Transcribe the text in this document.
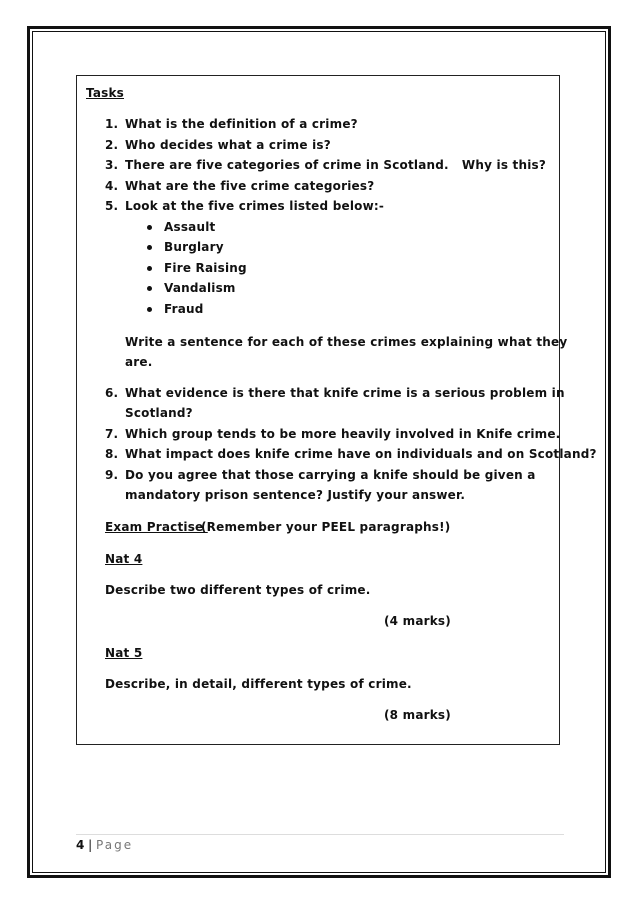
Tasks
1. What is the definition of a crime?
2. Who decides what a crime is?
3. There are five categories of crime in Scotland.   Why is this?
4. What are the five crime categories?
5. Look at the five crimes listed below:-
Assault
Burglary
Fire Raising
Vandalism
Fraud
Write a sentence for each of these crimes explaining what they
are.
6. What evidence is there that knife crime is a serious problem in
Scotland?
7. Which group tends to be more heavily involved in Knife crime.
8. What impact does knife crime have on individuals and on Scotland?
9. Do you agree that those carrying a knife should be given a
mandatory prison sentence? Justify your answer.
Exam Practise
(Remember your PEEL paragraphs!)
Nat 4
Describe two different types of crime.
(4 marks)
Nat 5
Describe, in detail, different types of crime.
(8 marks)
4 | Page
